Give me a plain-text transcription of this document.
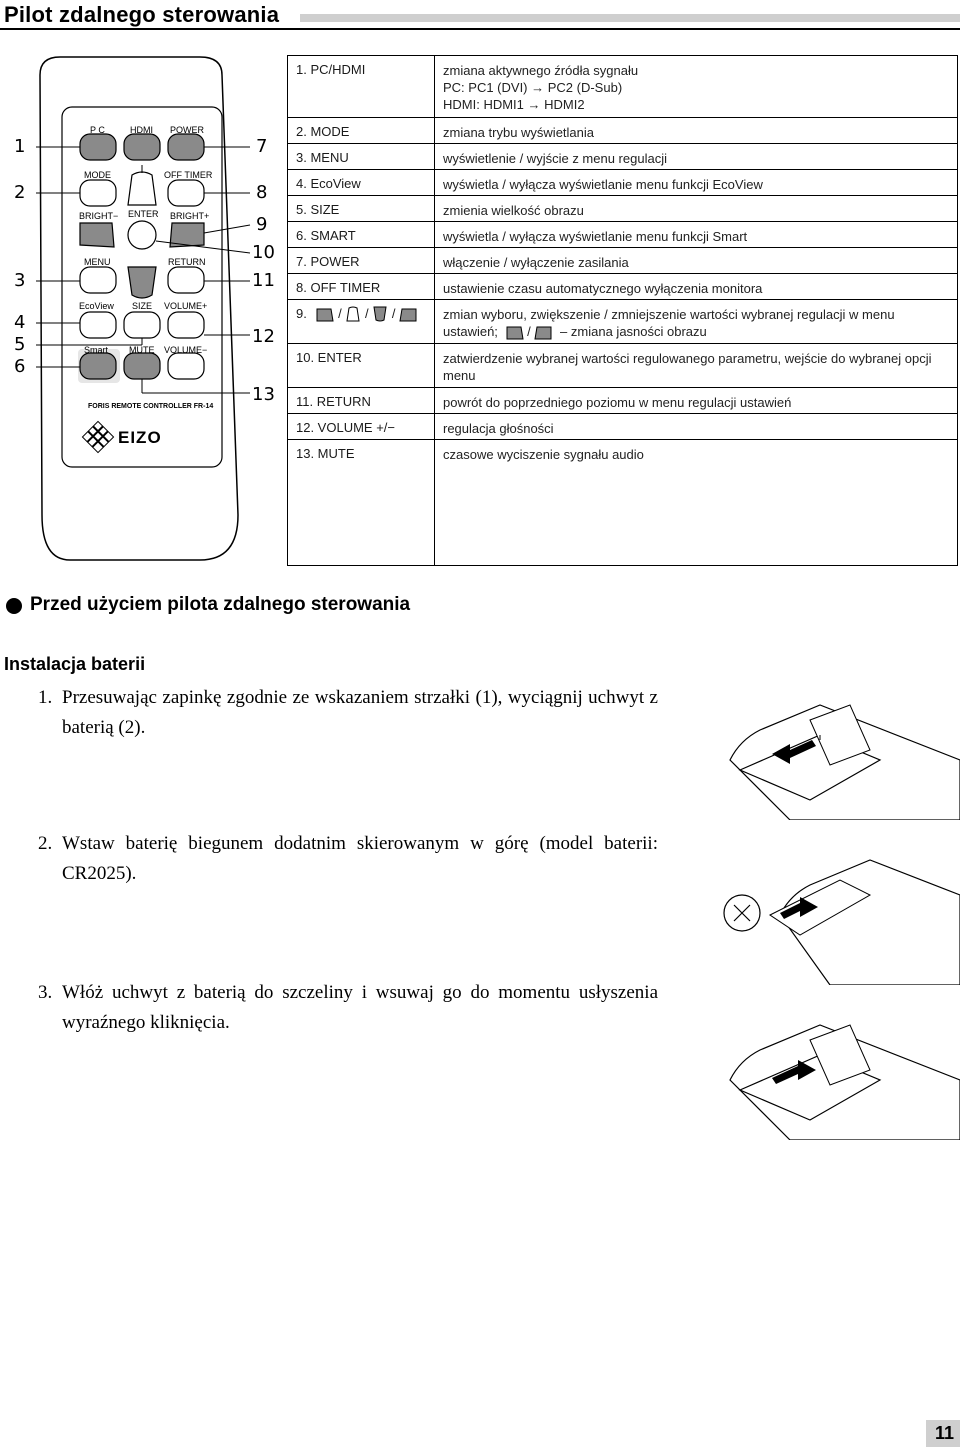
Pilot zdalnego sterowania
P C	HDMI POWER
MODE	OFF TIMER
BRIGHT− ENTER BRIGHT+
MENU	RETURN
EcoView SIZE VOLUME+
Smart MUTE VOLUME−
FORIS REMOTE CONTROLLER FR-14
EIZO
1
2
3
4
5
6
7
8
9
10
11
12
13
1. PC/HDMI	zmiana aktywnego źródła sygnału
PC: PC1 (DVI) → PC2 (D-Sub)
HDMI: HDMI1 → HDMI2
2. MODE	zmiana trybu wyświetlania
3. MENU	wyświetlenie / wyjście z menu regulacji
4. EcoView	wyświetla / wyłącza wyświetlanie menu funkcji EcoView
5. SIZE	zmienia wielkość obrazu
6. SMART	wyświetla / wyłącza wyświetlanie menu funkcji Smart
7. POWER	włączenie / wyłączenie zasilania
8. OFF TIMER	ustawienie czasu automatycznego wyłączenia monitora
9. / / /	zmian wyboru, zwiększenie / zmniejszenie wartości wybranej regulacji w menu
ustawień; / – zmiana jasności obrazu
10. ENTER	zatwierdzenie wybranej wartości regulowanego parametru, wejście do wybranej opcji menu
11. RETURN	powrót do poprzedniego poziomu w menu regulacji ustawień
12. VOLUME +/−	regulacja głośności
13. MUTE	czasowe wyciszenie sygnału audio
Przed użyciem pilota zdalnego sterowania
Instalacja baterii
1. Przesuwając zapinkę zgodnie ze wskazaniem strzałki (1), wyciągnij uchwyt z baterią (2).
2. Wstaw baterię biegunem dodatnim skierowanym w górę (model baterii: CR2025).
3. Włóż uchwyt z baterią do szczeliny i wsuwaj go do momentu usłyszenia wyraźnego kliknięcia.
11
